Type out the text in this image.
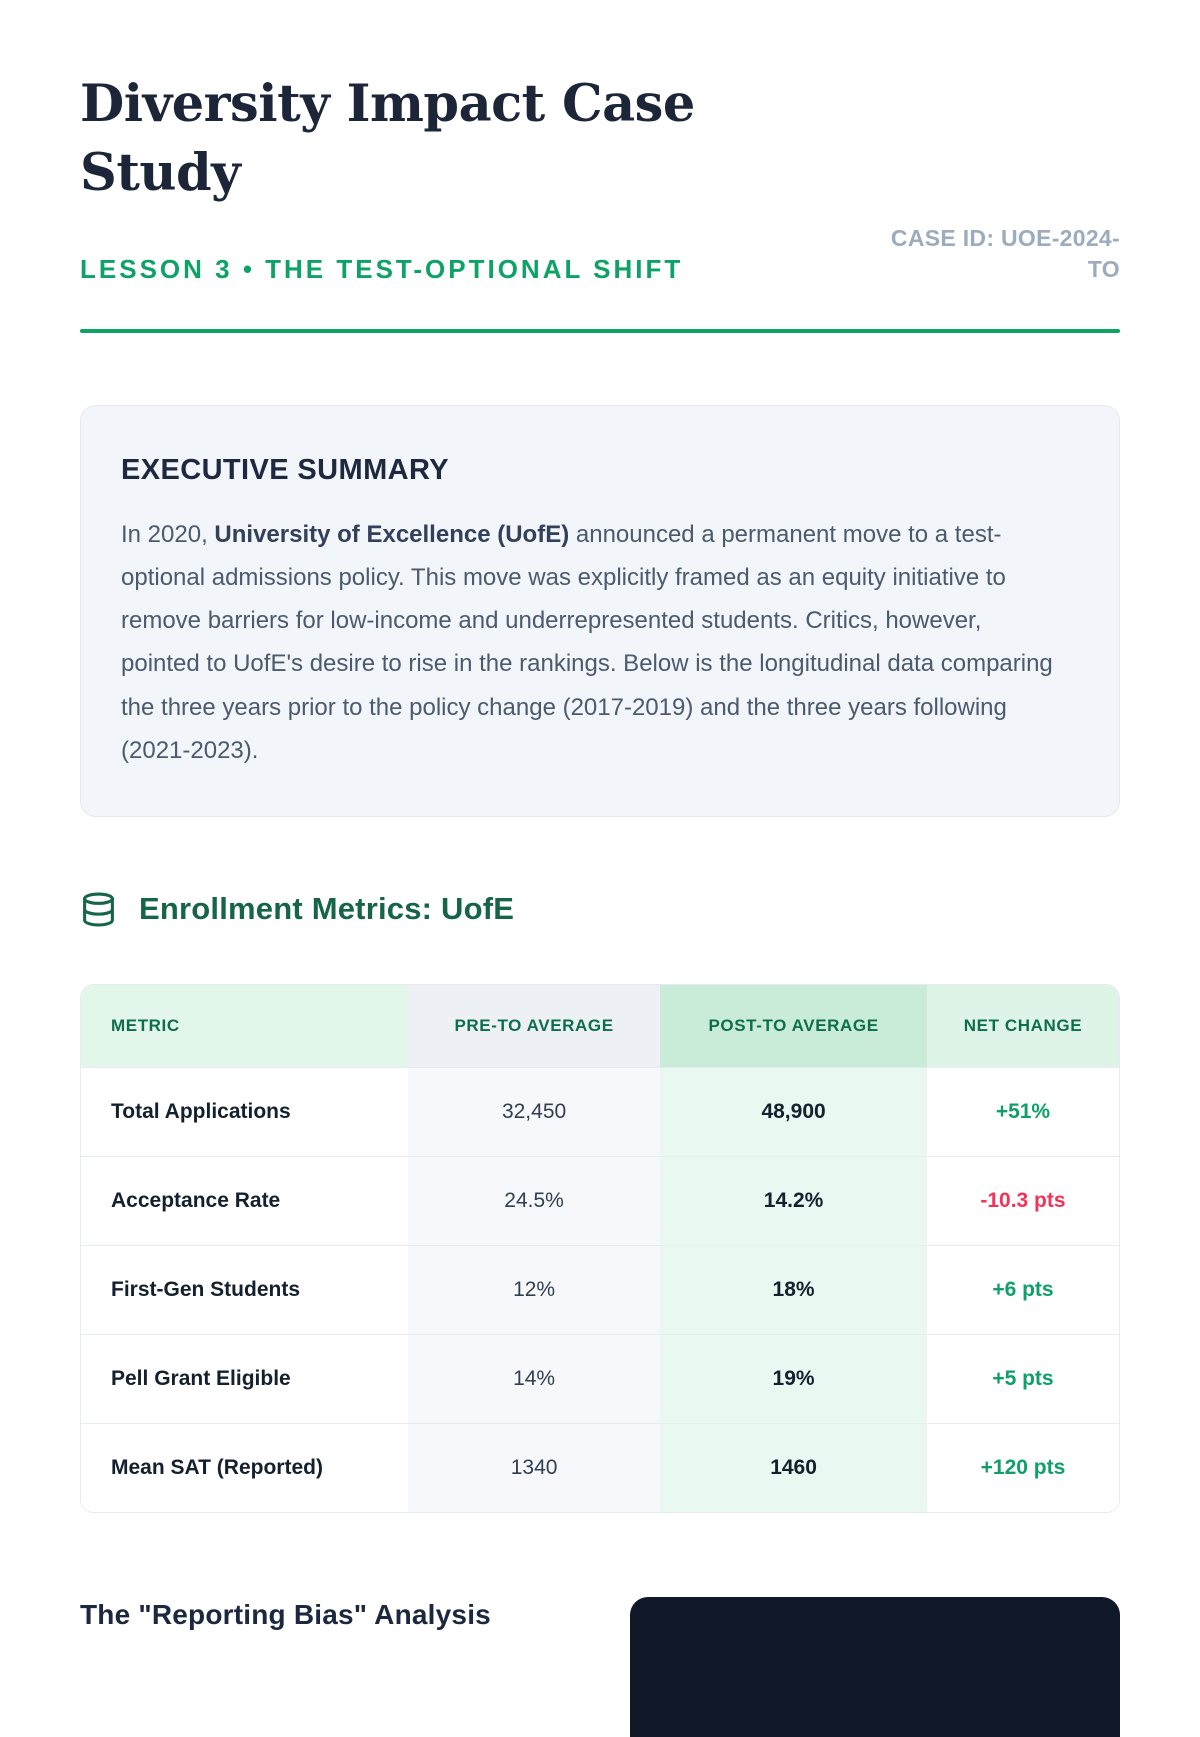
Diversity Impact Case Study
LESSON 3 • THE TEST-OPTIONAL SHIFT
CASE ID: UOE-2024-TO
EXECUTIVE SUMMARY

In 2020, University of Excellence (UofE) announced a permanent move to a test-optional admissions policy. This move was explicitly framed as an equity initiative to remove barriers for low-income and underrepresented students. Critics, however, pointed to UofE's desire to rise in the rankings. Below is the longitudinal data comparing the three years prior to the policy change (2017-2019) and the three years following (2021-2023).

Enrollment Metrics: UofE
METRIC	PRE-TO AVERAGE	POST-TO AVERAGE	NET CHANGE
Total Applications	32,450	48,900	+51%
Acceptance Rate	24.5%	14.2%	-10.3 pts
First-Gen Students	12%	18%	+6 pts
Pell Grant Eligible	14%	19%	+5 pts
Mean SAT (Reported)	1340	1460	+120 pts
The "Reporting Bias" Analysis
